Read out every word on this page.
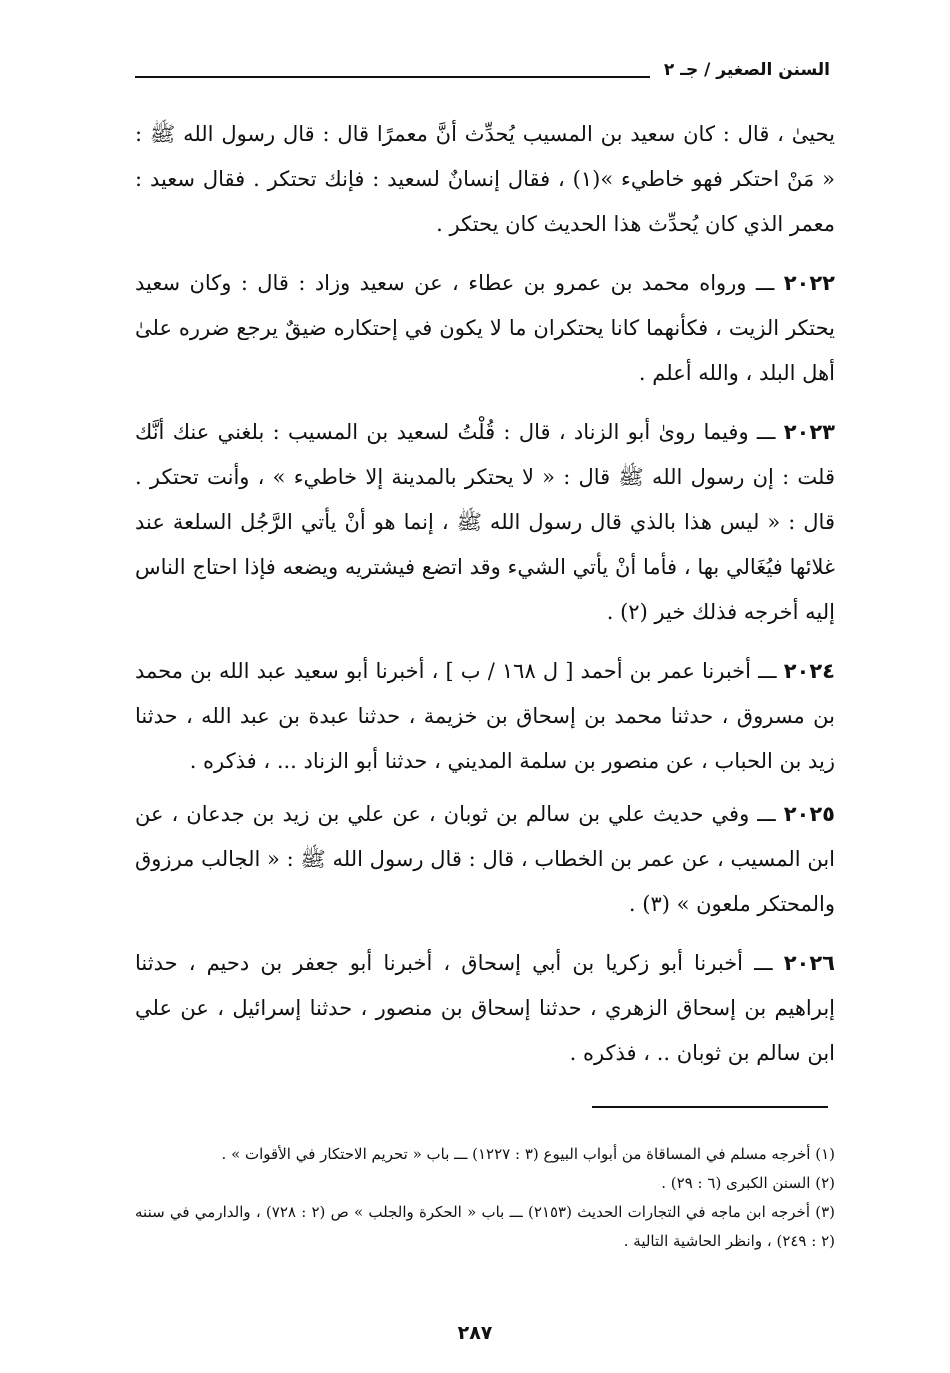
السنن الصغير / جـ ٢

يحيىٰ ، قال : كان سعيد بن المسيب يُحدِّث أنَّ معمرًا قال : قال رسول الله ﷺ : « مَنْ احتكر فهو خاطيء »(١) ، فقال إنسانٌ لسعيد : فإنك تحتكر . فقال سعيد : معمر الذي كان يُحدِّث هذا الحديث كان يحتكر .

٢٠٢٢ ـــ ورواه محمد بن عمرو بن عطاء ، عن سعيد وزاد : قال : وكان سعيد يحتكر الزيت ، فكأنهما كانا يحتكران ما لا يكون في إحتكاره ضيقٌ يرجع ضرره علىٰ أهل البلد ، والله أعلم .

٢٠٢٣ ـــ وفيما روىٰ أبو الزناد ، قال : قُلْتُ لسعيد بن المسيب : بلغني عنك أنَّك قلت : إن رسول الله ﷺ قال : « لا يحتكر بالمدينة إلا خاطيء » ، وأنت تحتكر . قال : « ليس هذا بالذي قال رسول الله ﷺ ، إنما هو أنْ يأتي الرَّجُل السلعة عند غلائها فيُغَالي بها ، فأما أنْ يأتي الشيء وقد اتضع فيشتريه ويضعه فإذا احتاج الناس إليه أخرجه فذلك خير (٢) .

٢٠٢٤ ـــ أخبرنا عمر بن أحمد [ ل ١٦٨ / ب ] ، أخبرنا أبو سعيد عبد الله بن محمد بن مسروق ، حدثنا محمد بن إسحاق بن خزيمة ، حدثنا عبدة بن عبد الله ، حدثنا زيد بن الحباب ، عن منصور بن سلمة المديني ، حدثنا أبو الزناد ... ، فذكره .

٢٠٢٥ ـــ وفي حديث علي بن سالم بن ثوبان ، عن علي بن زيد بن جدعان ، عن ابن المسيب ، عن عمر بن الخطاب ، قال : قال رسول الله ﷺ : « الجالب مرزوق والمحتكر ملعون » (٣) .

٢٠٢٦ ـــ أخبرنا أبو زكريا بن أبي إسحاق ، أخبرنا أبو جعفر بن دحيم ، حدثنا إبراهيم بن إسحاق الزهري ، حدثنا إسحاق بن منصور ، حدثنا إسرائيل ، عن علي ابن سالم بن ثوبان .. ، فذكره .

(١) أخرجه مسلم في المساقاة من أبواب البيوع (٣ : ١٢٢٧) ـــ باب « تحريم الاحتكار في الأقوات » .

(٢) السنن الكبرى (٦ : ٢٩) .

(٣) أخرجه ابن ماجه في التجارات الحديث (٢١٥٣) ـــ باب « الحكرة والجلب » ص (٢ : ٧٢٨) ، والدارمي في سننه (٢ : ٢٤٩) ، وانظر الحاشية التالية .

٢٨٧
